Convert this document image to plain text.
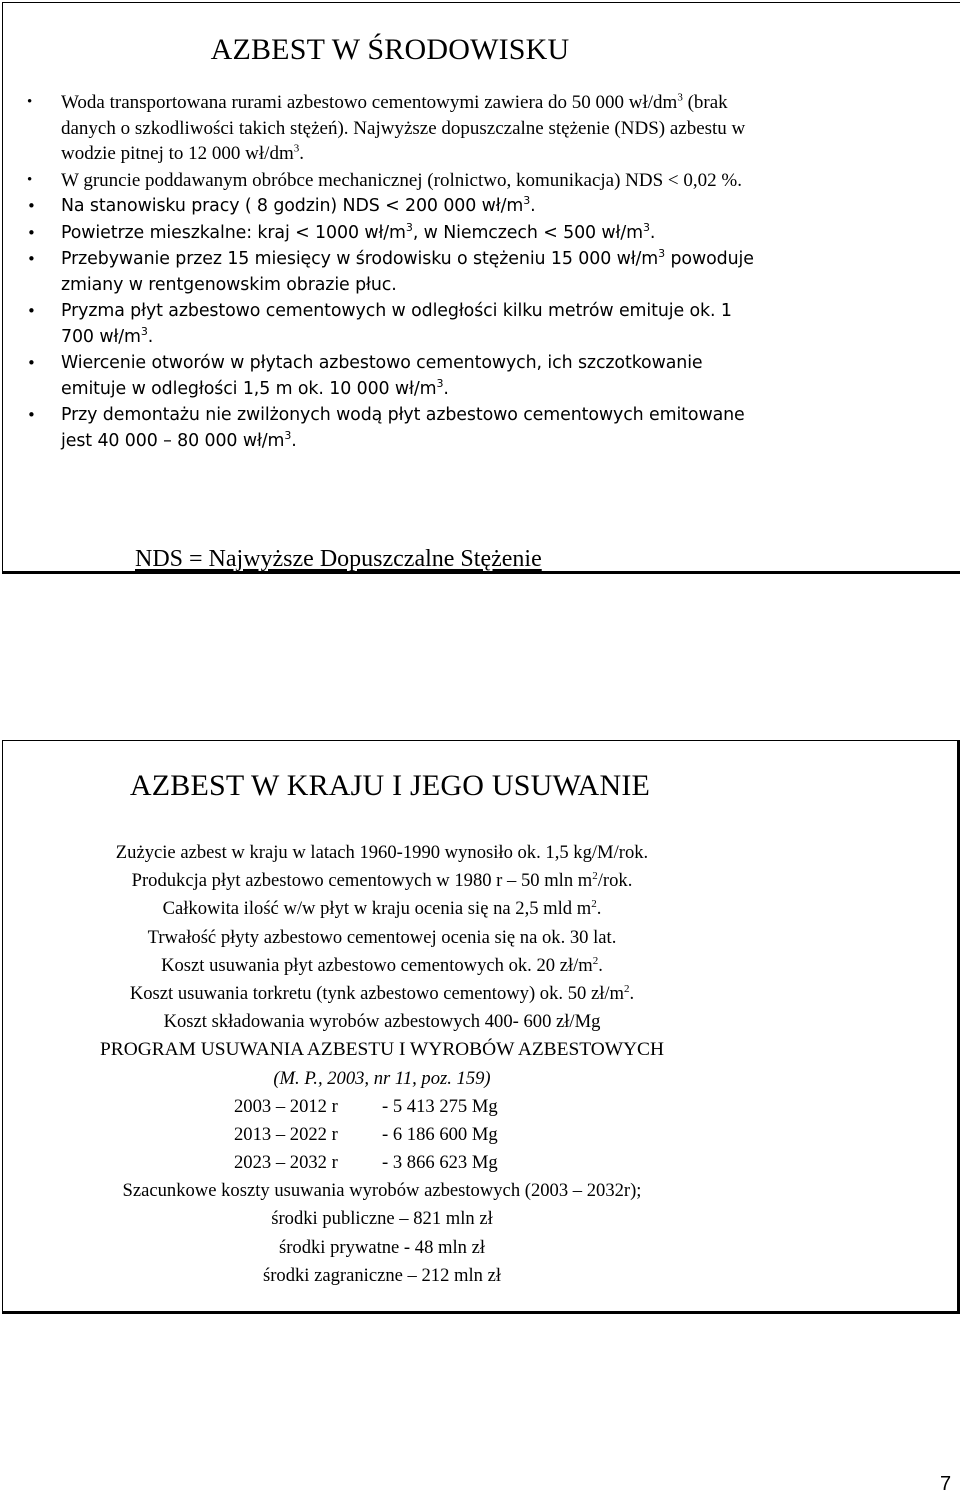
AZBEST W ŚRODOWISKU
• Woda transportowana rurami azbestowo cementowymi zawiera do 50 000 $wł/dm^3$ (brak danych o szkodliwości takich stężeń). Najwyższe dopuszczalne stężenie (NDS) azbestu w wodzie pitnej to 12 000 $wł/dm^3$.
• W gruncie poddawanym obróbce mechanicznej (rolnictwo, komunikacja) NDS < 0,02 %.
• Na stanowisku pracy ( 8 godzin) NDS < 200 000 $wł/m^3$.
• Powietrze mieszkalne: kraj < 1000 $wł/m^3$, w Niemczech < 500 $wł/m^3$.
• Przebywanie przez 15 miesięcy w środowisku o stężeniu 15 000 $wł/m^3$ powoduje zmiany w rentgenowskim obrazie płuc.
• Pryzma płyt azbestowo cementowych w odległości kilku metrów emituje ok. 1 700 $wł/m^3$.
• Wiercenie otworów w płytach azbestowo cementowych, ich szczotkowanie emituje w odległości 1,5 m ok. 10 000 $wł/m^3$.
• Przy demontażu nie zwilżonych wodą płyt azbestowo cementowych emitowane jest 40 000 – 80 000 $wł/m^3$.
NDS = Najwyższe Dopuszczalne Stężenie
AZBEST W KRAJU I JEGO USUWANIE
Zużycie azbest w kraju w latach 1960-1990 wynosiło ok. 1,5 kg/M/rok.
Produkcja płyt azbestowo cementowych w 1980 r – 50 mln $m^2$/rok.
Całkowita ilość w/w płyt w kraju ocenia się na 2,5 mld $m^2$.
Trwałość płyty azbestowo cementowej ocenia się na ok. 30 lat.
Koszt usuwania płyt azbestowo cementowych ok. 20 $zł/m^2$.
Koszt usuwania torkretu (tynk azbestowo cementowy) ok. 50 $zł/m^2$.
Koszt składowania wyrobów azbestowych 400- 600 zł/Mg
PROGRAM USUWANIA AZBESTU I WYROBÓW AZBESTOWYCH
(M. P., 2003, nr 11, poz. 159)
2003 – 2012 r - 5 413 275 Mg
2013 – 2022 r - 6 186 600 Mg
2023 – 2032 r - 3 866 623 Mg
Szacunkowe koszty usuwania wyrobów azbestowych (2003 – 2032r);
środki publiczne – 821 mln zł
środki prywatne - 48 mln zł
środki zagraniczne – 212 mln zł
7
